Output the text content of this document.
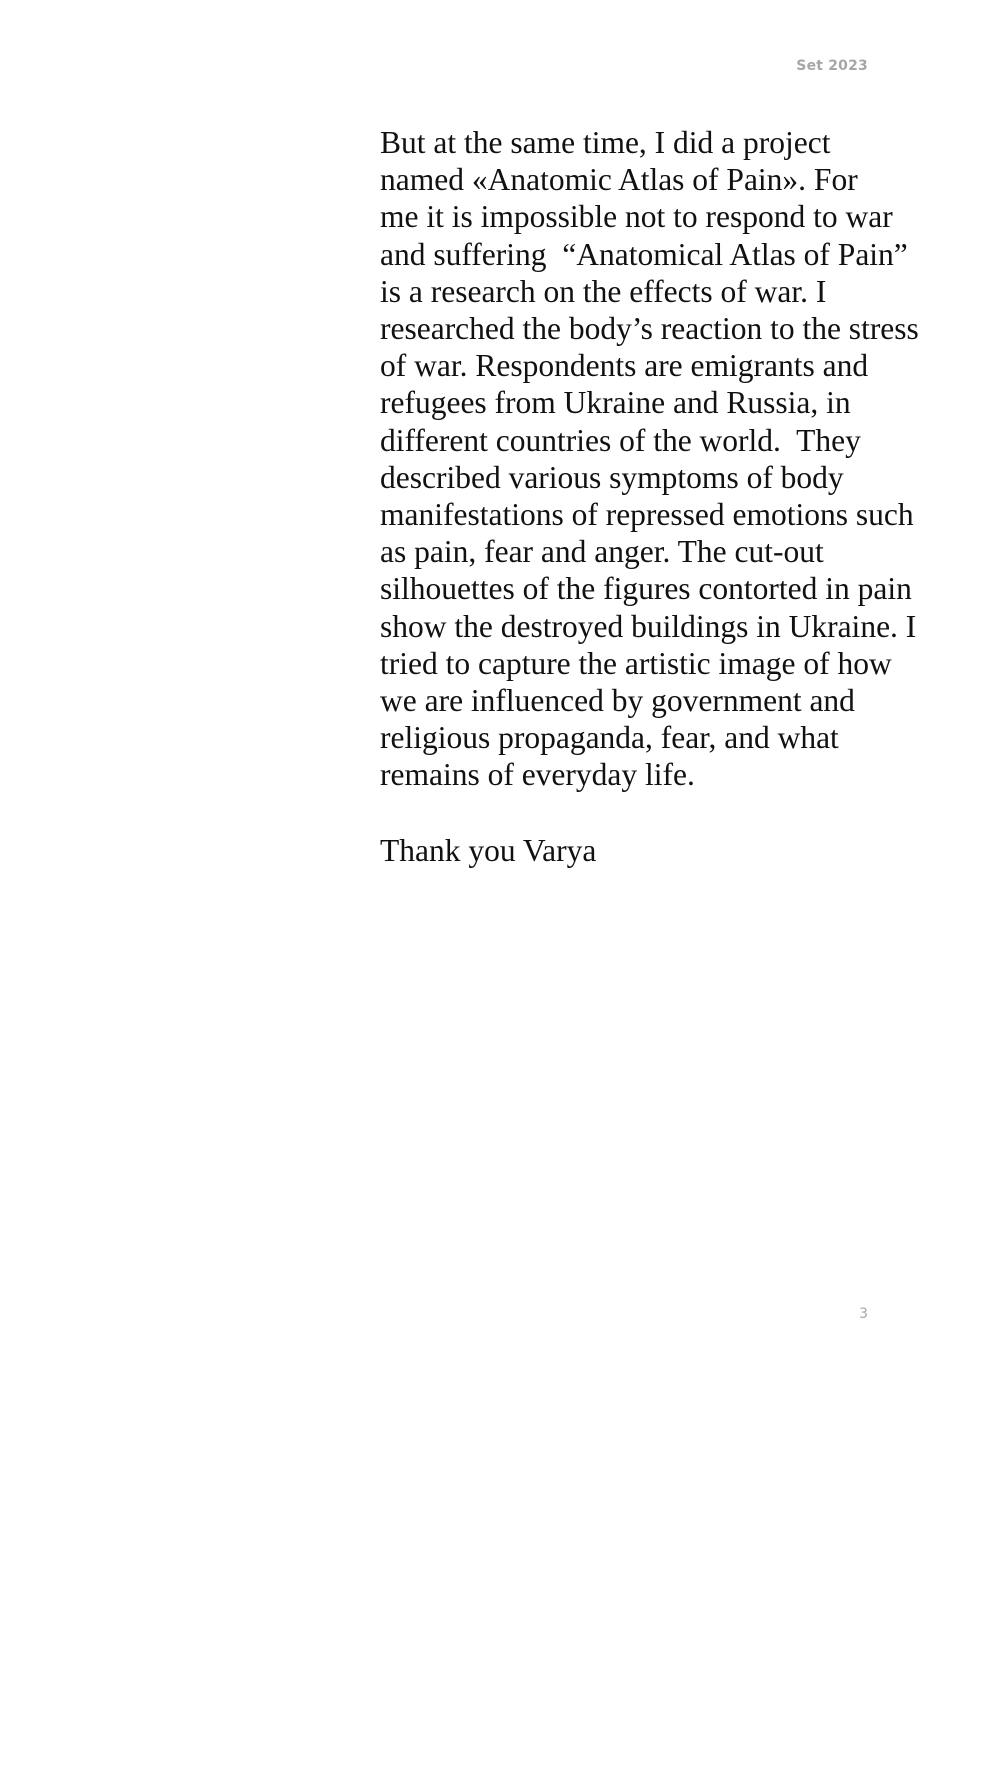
Set 2023
But at the same time, I did a project
named «Anatomic Atlas of Pain». For
me it is impossible not to respond to war
and suffering  “Anatomical Atlas of Pain”
is a research on the effects of war. I
researched the body’s reaction to the stress
of war. Respondents are emigrants and
refugees from Ukraine and Russia, in
different countries of the world.  They
described various symptoms of body
manifestations of repressed emotions such
as pain, fear and anger. The cut-out
silhouettes of the figures contorted in pain
show the destroyed buildings in Ukraine. I
tried to capture the artistic image of how
we are influenced by government and
religious propaganda, fear, and what
remains of everyday life.
Thank you Varya
3
